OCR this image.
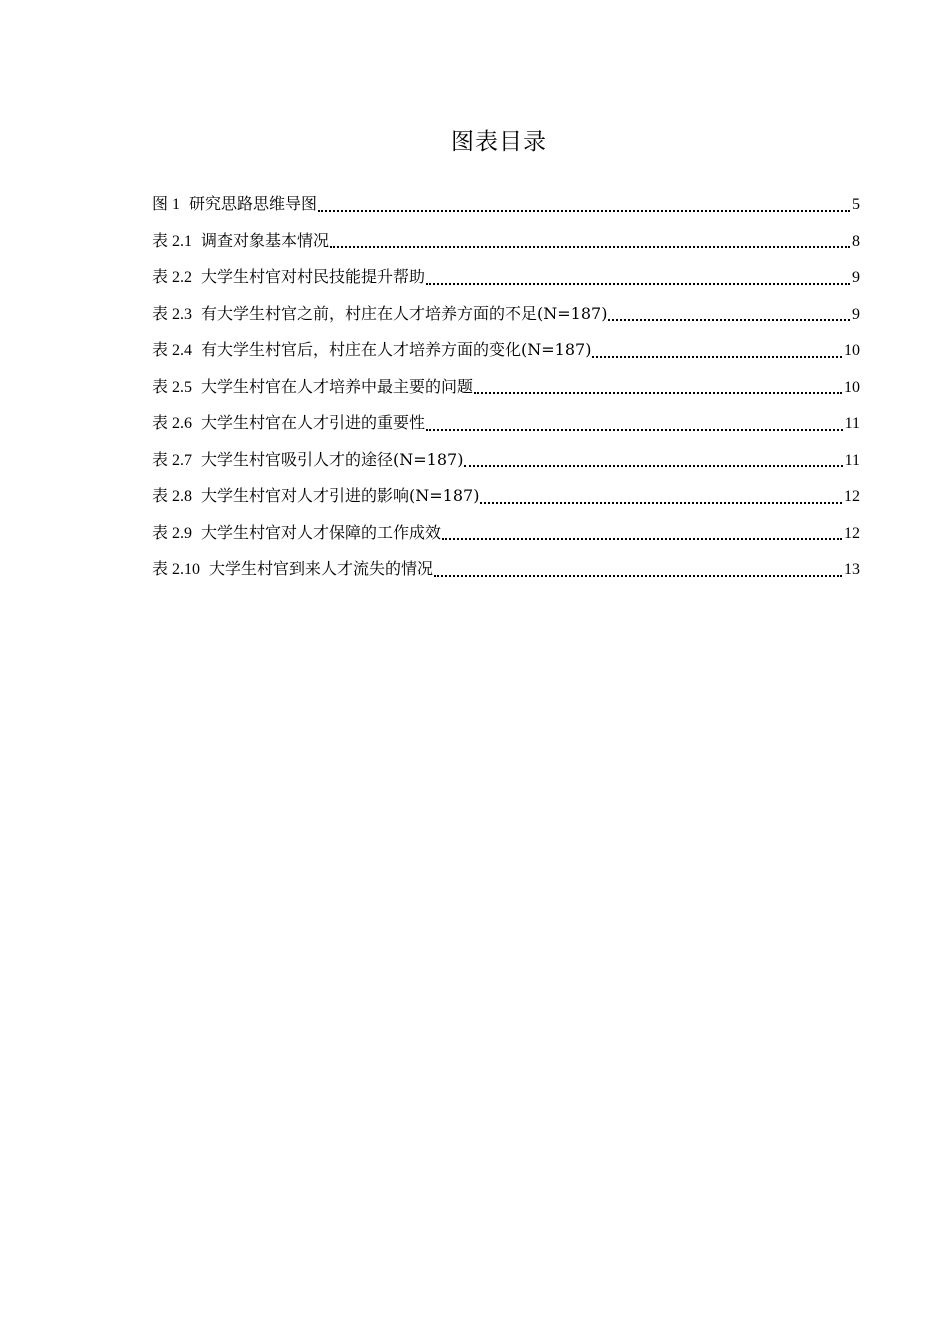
图表目录
图 1 研究思路思维导图	5
表 2.1 调查对象基本情况	8
表 2.2 大学生村官对村民技能提升帮助	9
表 2.3 有大学生村官之前，村庄在人才培养方面的不足(N=187)	9
表 2.4 有大学生村官后，村庄在人才培养方面的变化(N=187)	10
表 2.5 大学生村官在人才培养中最主要的问题	10
表 2.6 大学生村官在人才引进的重要性	11
表 2.7 大学生村官吸引人才的途径(N=187)	11
表 2.8 大学生村官对人才引进的影响(N=187)	12
表 2.9 大学生村官对人才保障的工作成效	12
表 2.10 大学生村官到来人才流失的情况	13
